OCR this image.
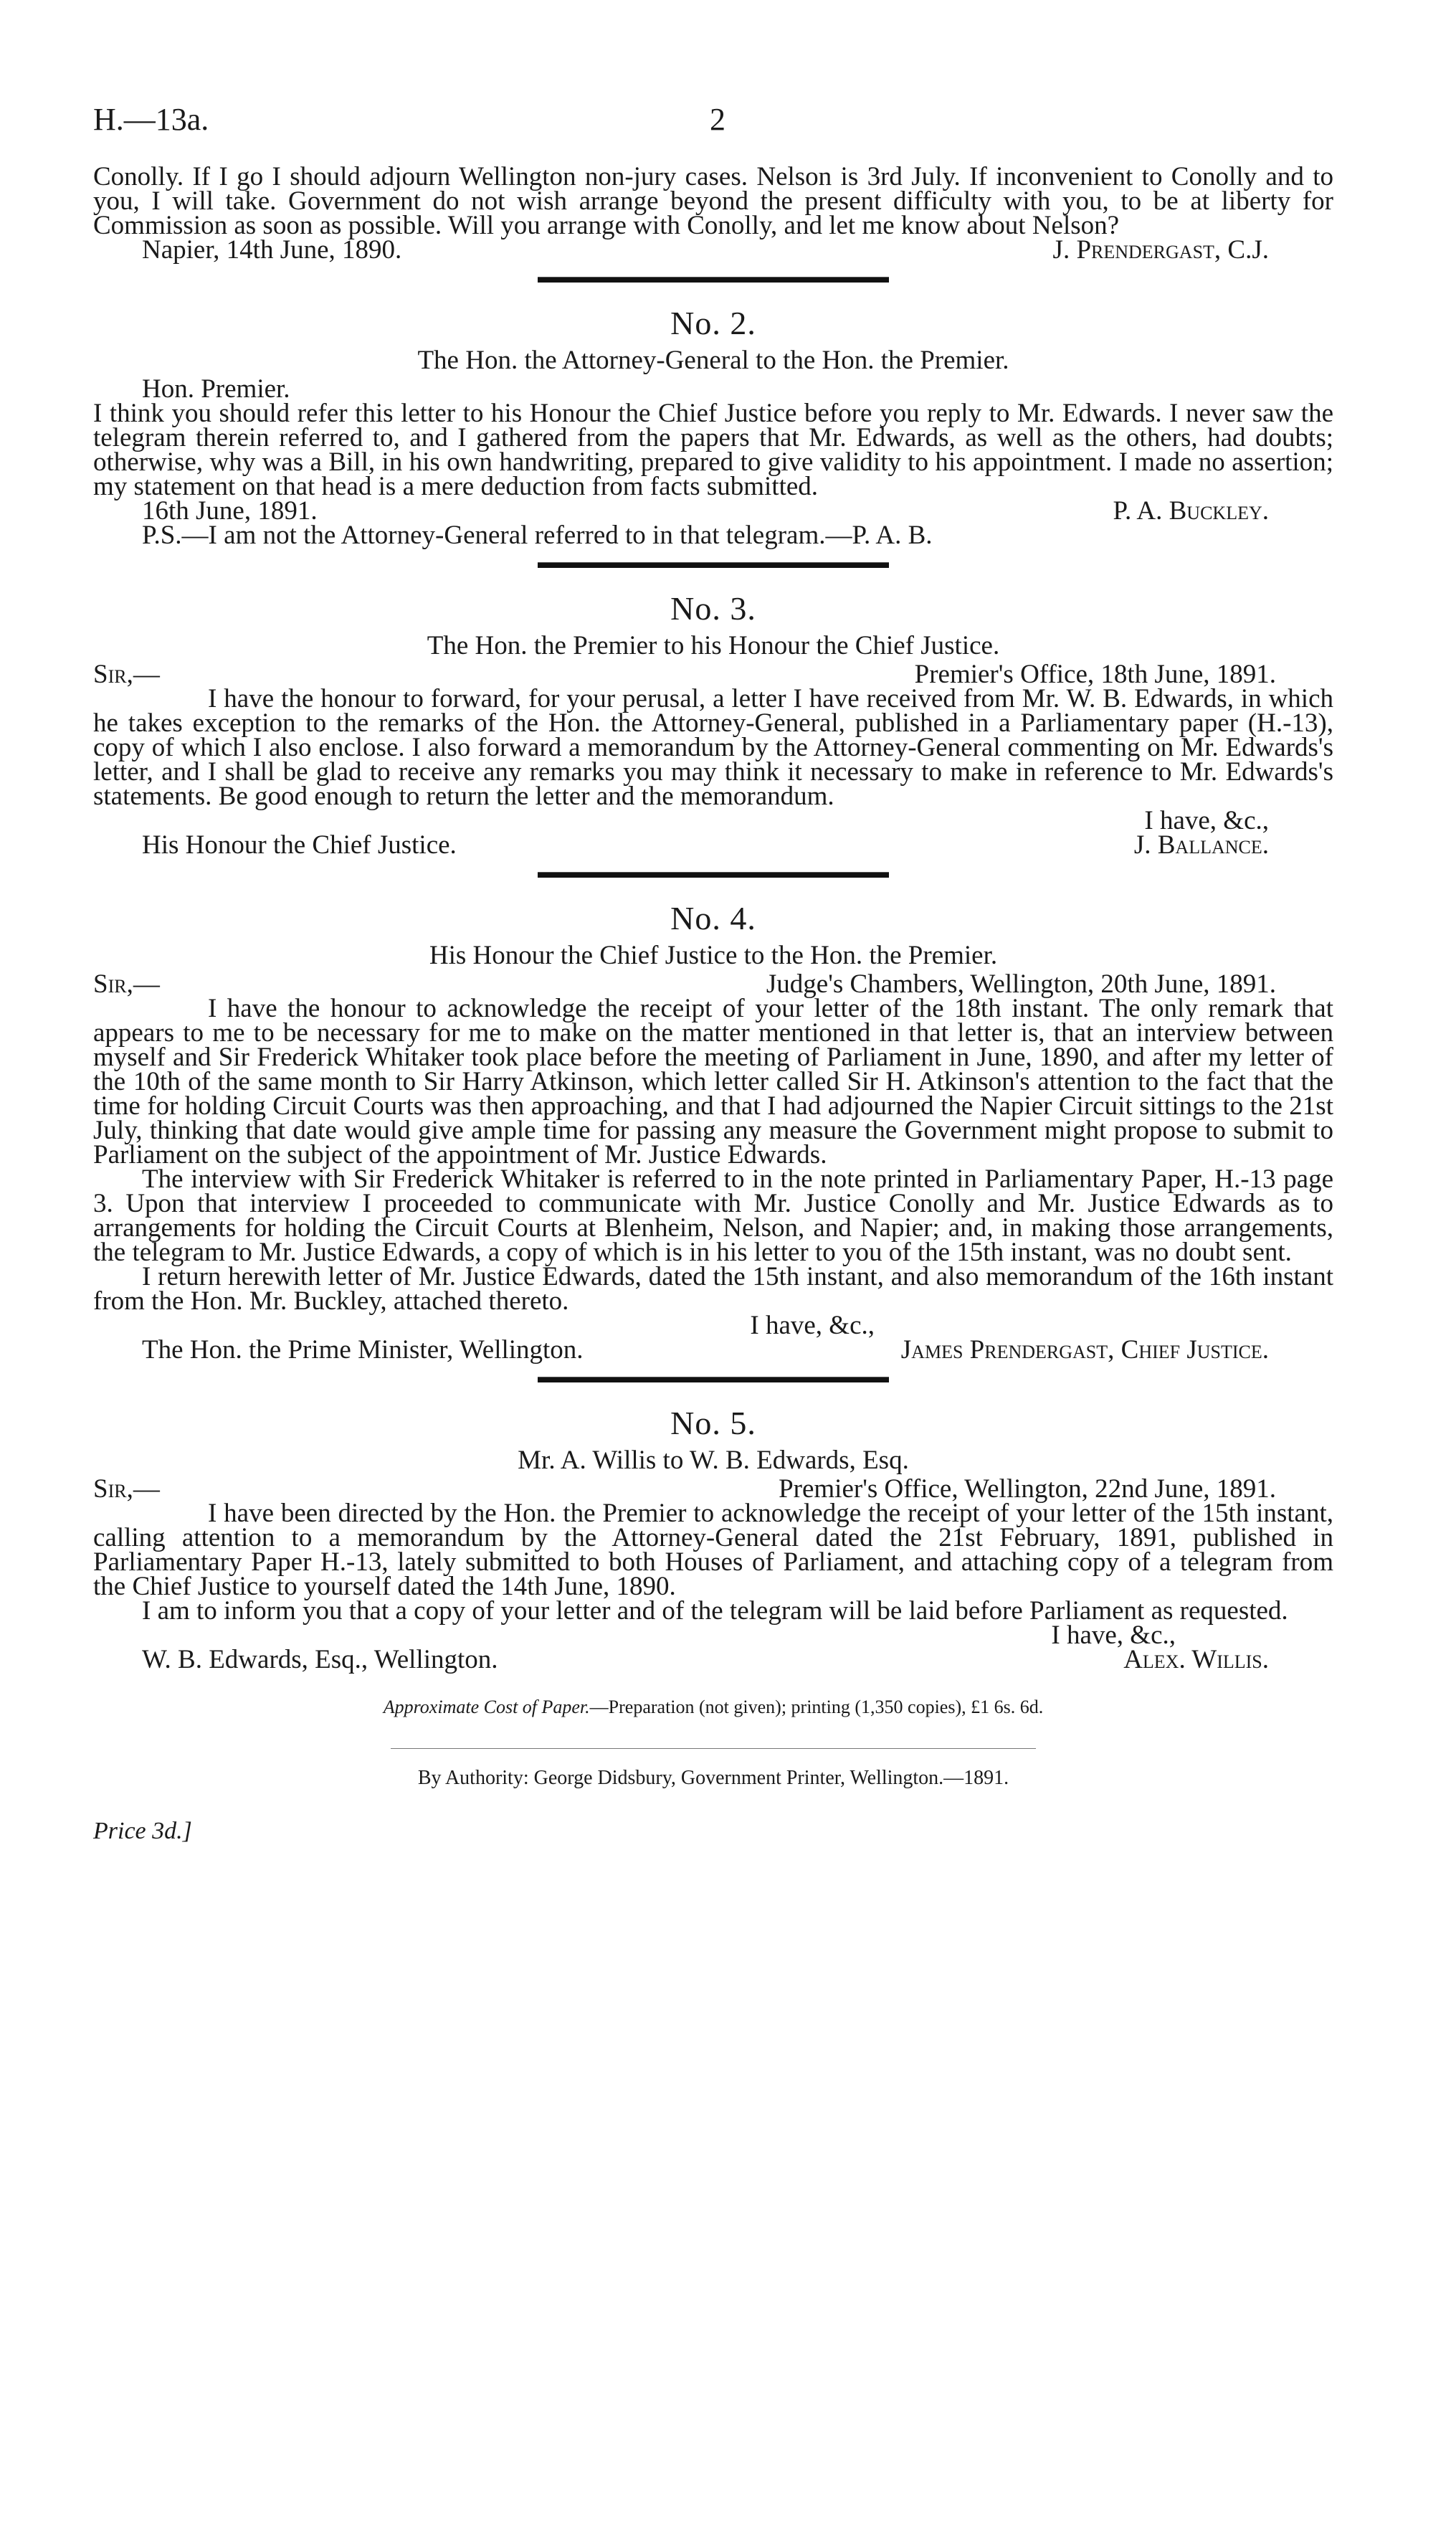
H.—13a.	2

Conolly. If I go I should adjourn Wellington non-jury cases. Nelson is 3rd July. If inconvenient to Conolly and to you, I will take. Government do not wish arrange beyond the present difficulty with you, to be at liberty for Commission as soon as possible. Will you arrange with Conolly, and let me know about Nelson?

Napier, 14th June, 1890.	J. Prendergast, C.J.
No. 2.
The Hon. the Attorney-General to the Hon. the Premier.

Hon. Premier.

I think you should refer this letter to his Honour the Chief Justice before you reply to Mr. Edwards. I never saw the telegram therein referred to, and I gathered from the papers that Mr. Edwards, as well as the others, had doubts; otherwise, why was a Bill, in his own handwriting, prepared to give validity to his appointment. I made no assertion; my statement on that head is a mere deduction from facts submitted.

16th June, 1891.	P. A. Buckley.

P.S.—I am not the Attorney-General referred to in that telegram.—P. A. B.

No. 3.
The Hon. the Premier to his Honour the Chief Justice.
Sir,—	Premier's Office, 18th June, 1891.

I have the honour to forward, for your perusal, a letter I have received from Mr. W. B. Edwards, in which he takes exception to the remarks of the Hon. the Attorney-General, published in a Parliamentary paper (H.-13), copy of which I also enclose. I also forward a memorandum by the Attorney-General commenting on Mr. Edwards's letter, and I shall be glad to receive any remarks you may think it necessary to make in reference to Mr. Edwards's statements. Be good enough to return the letter and the memorandum.

I have, &c.,

His Honour the Chief Justice.	J. Ballance.
No. 4.
His Honour the Chief Justice to the Hon. the Premier.
Sir,—	Judge's Chambers, Wellington, 20th June, 1891.

I have the honour to acknowledge the receipt of your letter of the 18th instant. The only remark that appears to me to be necessary for me to make on the matter mentioned in that letter is, that an interview between myself and Sir Frederick Whitaker took place before the meeting of Parliament in June, 1890, and after my letter of the 10th of the same month to Sir Harry Atkinson, which letter called Sir H. Atkinson's attention to the fact that the time for holding Circuit Courts was then approaching, and that I had adjourned the Napier Circuit sittings to the 21st July, thinking that date would give ample time for passing any measure the Government might propose to submit to Parliament on the subject of the appointment of Mr. Justice Edwards.

The interview with Sir Frederick Whitaker is referred to in the note printed in Parliamentary Paper, H.-13 page 3. Upon that interview I proceeded to communicate with Mr. Justice Conolly and Mr. Justice Edwards as to arrangements for holding the Circuit Courts at Blenheim, Nelson, and Napier; and, in making those arrangements, the telegram to Mr. Justice Edwards, a copy of which is in his letter to you of the 15th instant, was no doubt sent.

I return herewith letter of Mr. Justice Edwards, dated the 15th instant, and also memorandum of the 16th instant from the Hon. Mr. Buckley, attached thereto.

I have, &c.,

The Hon. the Prime Minister, Wellington.	James Prendergast, Chief Justice.
No. 5.
Mr. A. Willis to W. B. Edwards, Esq.
Sir,—	Premier's Office, Wellington, 22nd June, 1891.

I have been directed by the Hon. the Premier to acknowledge the receipt of your letter of the 15th instant, calling attention to a memorandum by the Attorney-General dated the 21st February, 1891, published in Parliamentary Paper H.-13, lately submitted to both Houses of Parliament, and attaching copy of a telegram from the Chief Justice to yourself dated the 14th June, 1890.

I am to inform you that a copy of your letter and of the telegram will be laid before Parliament as requested.

I have, &c.,

W. B. Edwards, Esq., Wellington.	Alex. Willis.
Approximate Cost of Paper.—Preparation (not given); printing (1,350 copies), £1 6s. 6d.
By Authority: George Didsbury, Government Printer, Wellington.—1891.
Price 3d.]
